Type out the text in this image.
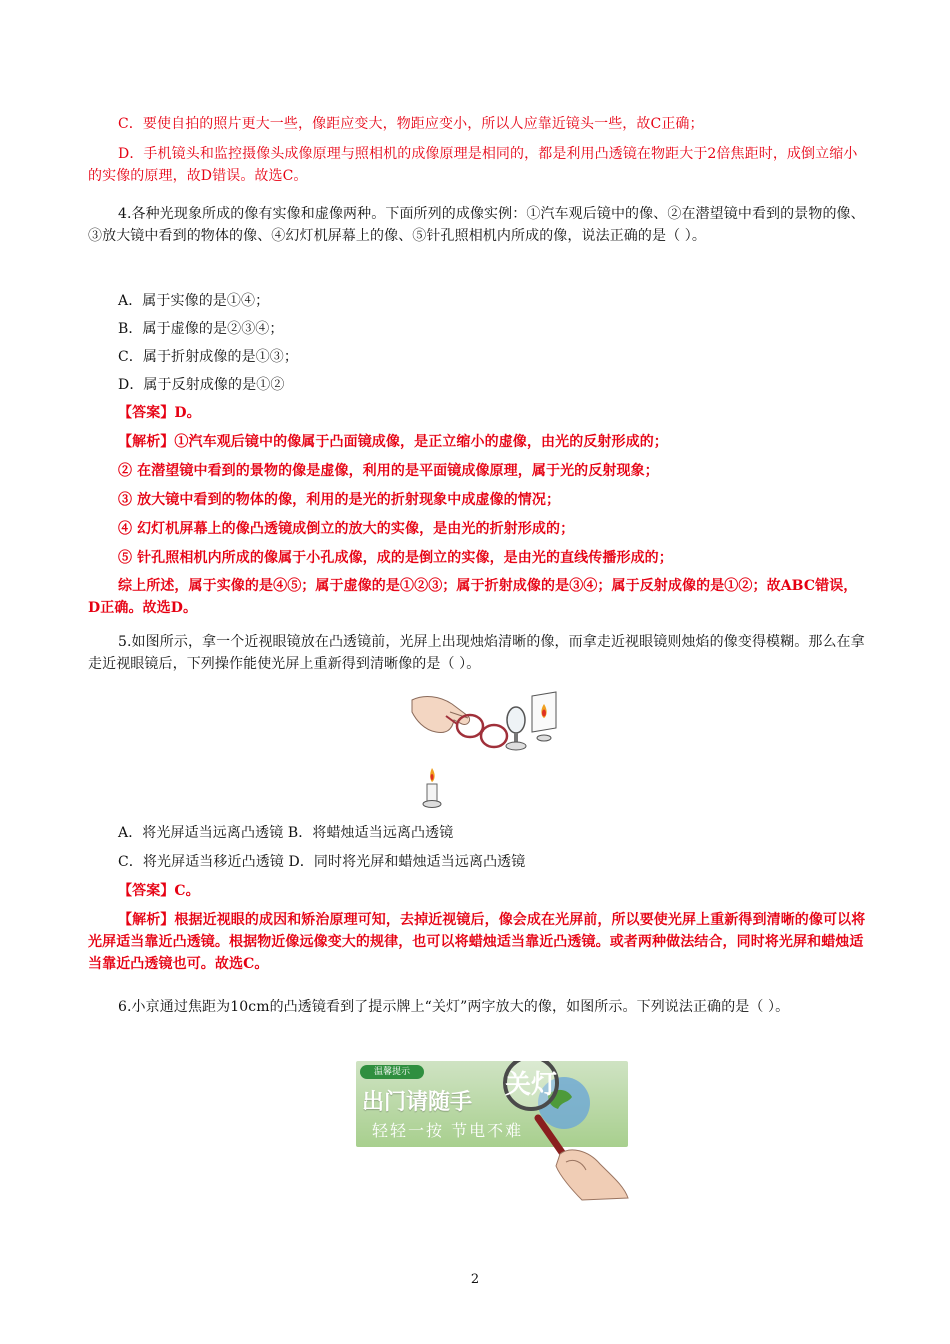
C．要使自拍的照片更大一些，像距应变大，物距应变小，所以人应靠近镜头一些，故C正确；

D．手机镜头和监控摄像头成像原理与照相机的成像原理是相同的，都是利用凸透镜在物距大于2倍焦距时，成倒立缩小的实像的原理，故D错误。故选C。

4.各种光现象所成的像有实像和虚像两种。下面所列的成像实例：①汽车观后镜中的像、②在潜望镜中看到的景物的像、③放大镜中看到的物体的像、④幻灯机屏幕上的像、⑤针孔照相机内所成的像，说法正确的是（ ）。

A．属于实像的是①④；

B．属于虚像的是②③④；

C．属于折射成像的是①③；

D．属于反射成像的是①②

【答案】D。

【解析】①汽车观后镜中的像属于凸面镜成像，是正立缩小的虚像，由光的反射形成的；

② 在潜望镜中看到的景物的像是虚像，利用的是平面镜成像原理，属于光的反射现象；

③ 放大镜中看到的物体的像，利用的是光的折射现象中成虚像的情况；

④ 幻灯机屏幕上的像凸透镜成倒立的放大的实像，是由光的折射形成的；

⑤ 针孔照相机内所成的像属于小孔成像，成的是倒立的实像，是由光的直线传播形成的；

综上所述，属于实像的是④⑤；属于虚像的是①②③；属于折射成像的是③④；属于反射成像的是①②；故ABC错误，D正确。故选D。

5.如图所示，拿一个近视眼镜放在凸透镜前，光屏上出现烛焰清晰的像，而拿走近视眼镜则烛焰的像变得模糊。那么在拿走近视眼镜后，下列操作能使光屏上重新得到清晰像的是（ ）。

A．将光屏适当远离凸透镜 B．将蜡烛适当远离凸透镜

C．将光屏适当移近凸透镜 D．同时将光屏和蜡烛适当远离凸透镜

【答案】C。

【解析】根据近视眼的成因和矫治原理可知，去掉近视镜后，像会成在光屏前，所以要使光屏上重新得到清晰的像可以将光屏适当靠近凸透镜。根据物近像远像变大的规律，也可以将蜡烛适当靠近凸透镜。或者两种做法结合，同时将光屏和蜡烛适当靠近凸透镜也可。故选C。

6.小京通过焦距为10cm的凸透镜看到了提示牌上“关灯”两字放大的像，如图所示。下列说法正确的是（ ）。

温馨提示
出门请随手
轻轻一按 节电不难
关灯
2
